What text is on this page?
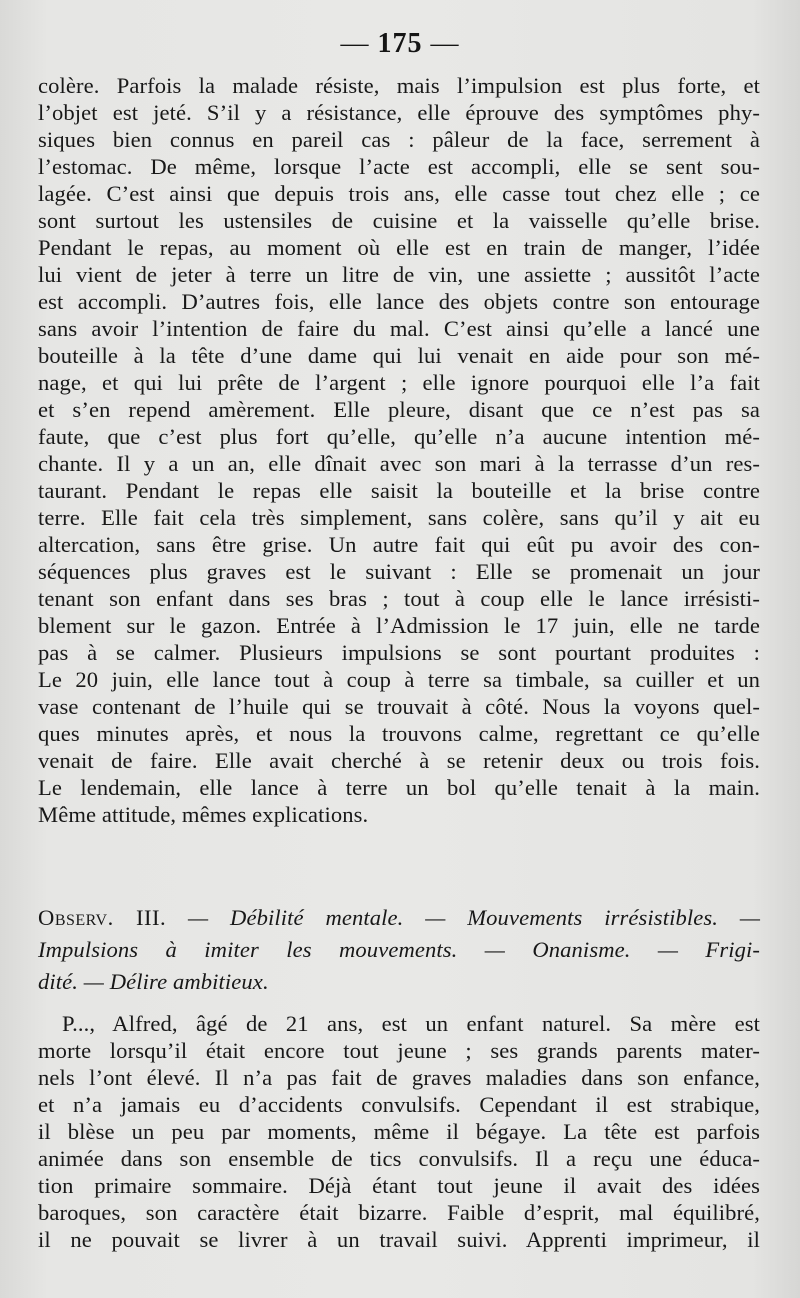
— 175 —
colère. Parfois la malade résiste, mais l’impulsion est plus forte, et
l’objet est jeté. S’il y a résistance, elle éprouve des symptômes phy-
siques bien connus en pareil cas : pâleur de la face, serrement à
l’estomac. De même, lorsque l’acte est accompli, elle se sent sou-
lagée. C’est ainsi que depuis trois ans, elle casse tout chez elle ; ce
sont surtout les ustensiles de cuisine et la vaisselle qu’elle brise.
Pendant le repas, au moment où elle est en train de manger, l’idée
lui vient de jeter à terre un litre de vin, une assiette ; aussitôt l’acte
est accompli. D’autres fois, elle lance des objets contre son entourage
sans avoir l’intention de faire du mal. C’est ainsi qu’elle a lancé une
bouteille à la tête d’une dame qui lui venait en aide pour son mé-
nage, et qui lui prête de l’argent ; elle ignore pourquoi elle l’a fait
et s’en repend amèrement. Elle pleure, disant que ce n’est pas sa
faute, que c’est plus fort qu’elle, qu’elle n’a aucune intention mé-
chante. Il y a un an, elle dînait avec son mari à la terrasse d’un res-
taurant. Pendant le repas elle saisit la bouteille et la brise contre
terre. Elle fait cela très simplement, sans colère, sans qu’il y ait eu
altercation, sans être grise. Un autre fait qui eût pu avoir des con-
séquences plus graves est le suivant : Elle se promenait un jour
tenant son enfant dans ses bras ; tout à coup elle le lance irrésisti-
blement sur le gazon. Entrée à l’Admission le 17 juin, elle ne tarde
pas à se calmer. Plusieurs impulsions se sont pourtant produites :
Le 20 juin, elle lance tout à coup à terre sa timbale, sa cuiller et un
vase contenant de l’huile qui se trouvait à côté. Nous la voyons quel-
ques minutes après, et nous la trouvons calme, regrettant ce qu’elle
venait de faire. Elle avait cherché à se retenir deux ou trois fois.
Le lendemain, elle lance à terre un bol qu’elle tenait à la main.
Même attitude, mêmes explications.
Observ. III. — Débilité mentale. — Mouvements irrésistibles. —
Impulsions à imiter les mouvements. — Onanisme. — Frigi-
dité. — Délire ambitieux.
P..., Alfred, âgé de 21 ans, est un enfant naturel. Sa mère est
morte lorsqu’il était encore tout jeune ; ses grands parents mater-
nels l’ont élevé. Il n’a pas fait de graves maladies dans son enfance,
et n’a jamais eu d’accidents convulsifs. Cependant il est strabique,
il blèse un peu par moments, même il bégaye. La tête est parfois
animée dans son ensemble de tics convulsifs. Il a reçu une éduca-
tion primaire sommaire. Déjà étant tout jeune il avait des idées
baroques, son caractère était bizarre. Faible d’esprit, mal équilibré,
il ne pouvait se livrer à un travail suivi. Apprenti imprimeur, il
